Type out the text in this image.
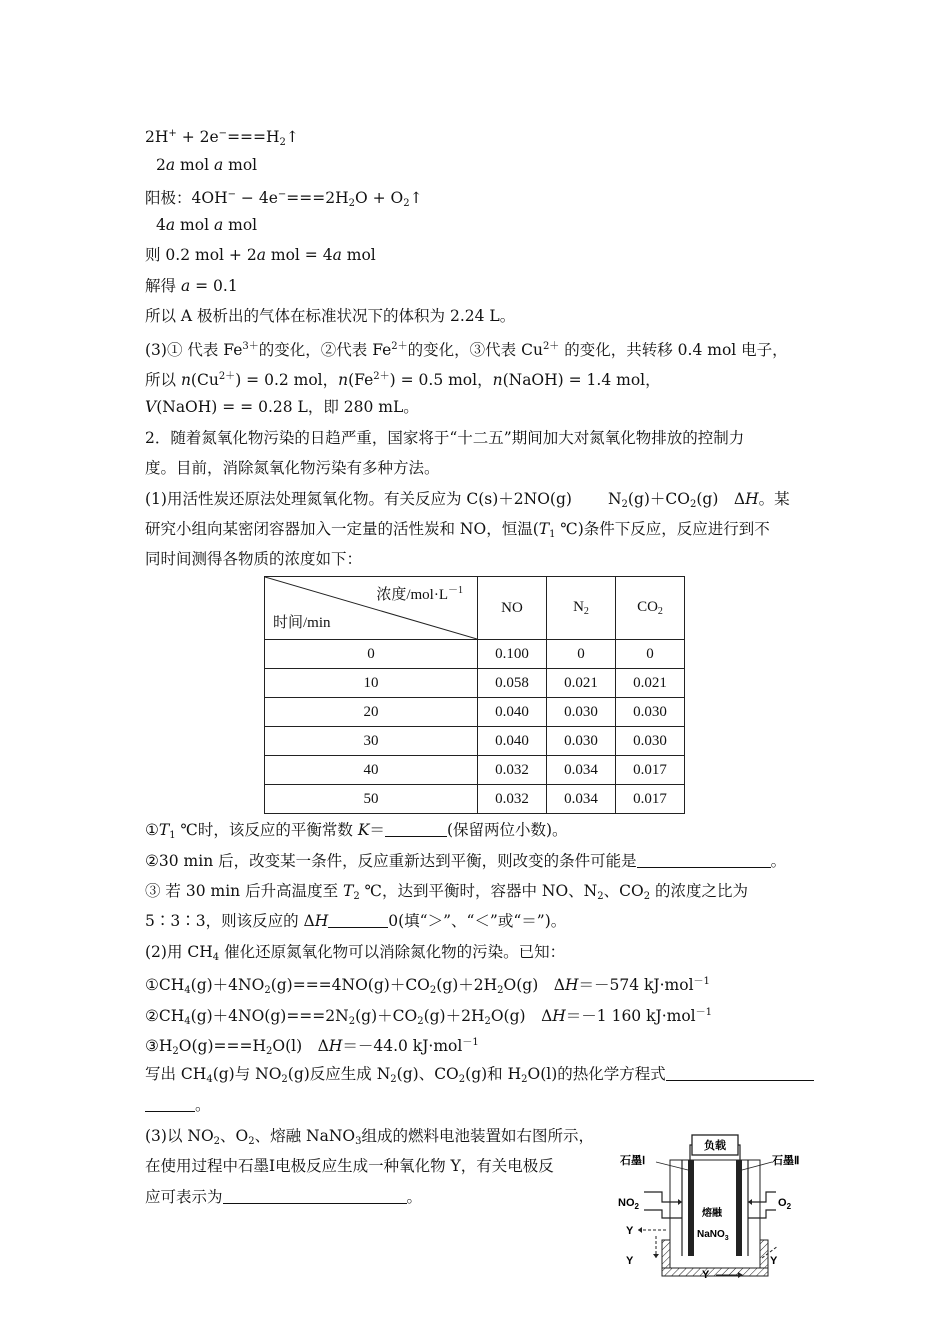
$2H^+ + 2e^-===H_2↑$
2a mol a mol
阳极：$4OH^- - 4e^-===2H_2O$ + $O_2↑$
4a mol a mol
则 0.2 mol + 2a mol = 4a mol
解得 a = 0.1
所以 A 极析出的气体在标准状况下的体积为 2.24 L。
(3)① 代表 $Fe^{3+}$的变化，②代表 $Fe^{2+}$的变化，③代表 $Cu^{2+}$ 的变化，共转移 0.4 mol 电子，
所以 $n(Cu^{2+}) = 0.2$ mol，$n(Fe^{2+}) = 0.5$ mol，n(NaOH) = 1.4 mol，
V(NaOH) = = 0.28 L，即 280 mL。
2．随着氮氧化物污染的日趋严重，国家将于“十二五”期间加大对氮氧化物排放的控制力
度。目前，消除氮氧化物污染有多种方法。
(1)用活性炭还原法处理氮氧化物。有关反应为 C(s)＋2NO(g) $N_2(g)+CO_2(g)$　ΔH。某
研究小组向某密闭容器加入一定量的活性炭和 NO，恒温($T_1$ ℃)条件下反应，反应进行到不
同时间测得各物质的浓度如下：
浓度$/mol\cdot L^{-1}$
时间/min	NO	$N_2$	$CO_2$
0	0.100	0	0
10	0.058	0.021	0.021
20	0.040	0.030	0.030
30	0.040	0.030	0.030
40	0.032	0.034	0.017
50	0.032	0.034	0.017
$①T_1$ ℃时，该反应的平衡常数 K＝	(保留两位小数)。
②30 min 后，改变某一条件，反应重新达到平衡，则改变的条件可能是	。
③ 若 30 min 后升高温度至 $T_2$ ℃，达到平衡时，容器中 NO、$N_2$、$CO_2$ 的浓度之比为
5∶3∶3，则该反应的 ΔH	0(填“＞”、“＜”或“＝”)。
(2)用 $CH_4$ 催化还原氮氧化物可以消除氮化物的污染。已知：
$①CH_4(g)+4NO_2(g)===4NO(g)+CO_2(g)+2H_2O(g)$　ΔH＝－574 kJ·mol$^{-1}$
$②CH_4(g)+4NO(g)===2N_2(g)+CO_2(g)+2H_2O(g)$　ΔH＝－1 160 kJ·mol$^{-1}$
$③H_2O(g)===H_2O(l)$　ΔH＝－44.0 kJ·mol$^{-1}$
写出 $CH_4(g)$与 $NO_2(g)$反应生成 $N_2(g)$、$CO_2(g)$和 $H_2O(l)$的热化学方程式
。
(3)以 $NO_2$、$O_2$、熔融 NaNO$_3$组成的燃料电池装置如右图所示，
在使用过程中石墨Ⅰ电极反应生成一种氧化物 Y，有关电极反
应可表示为	。
负载
石墨Ⅰ	石墨Ⅱ
$NO_2$	$O_2$
熔融
NaNO$_3$
Y
Y	Y
Y
